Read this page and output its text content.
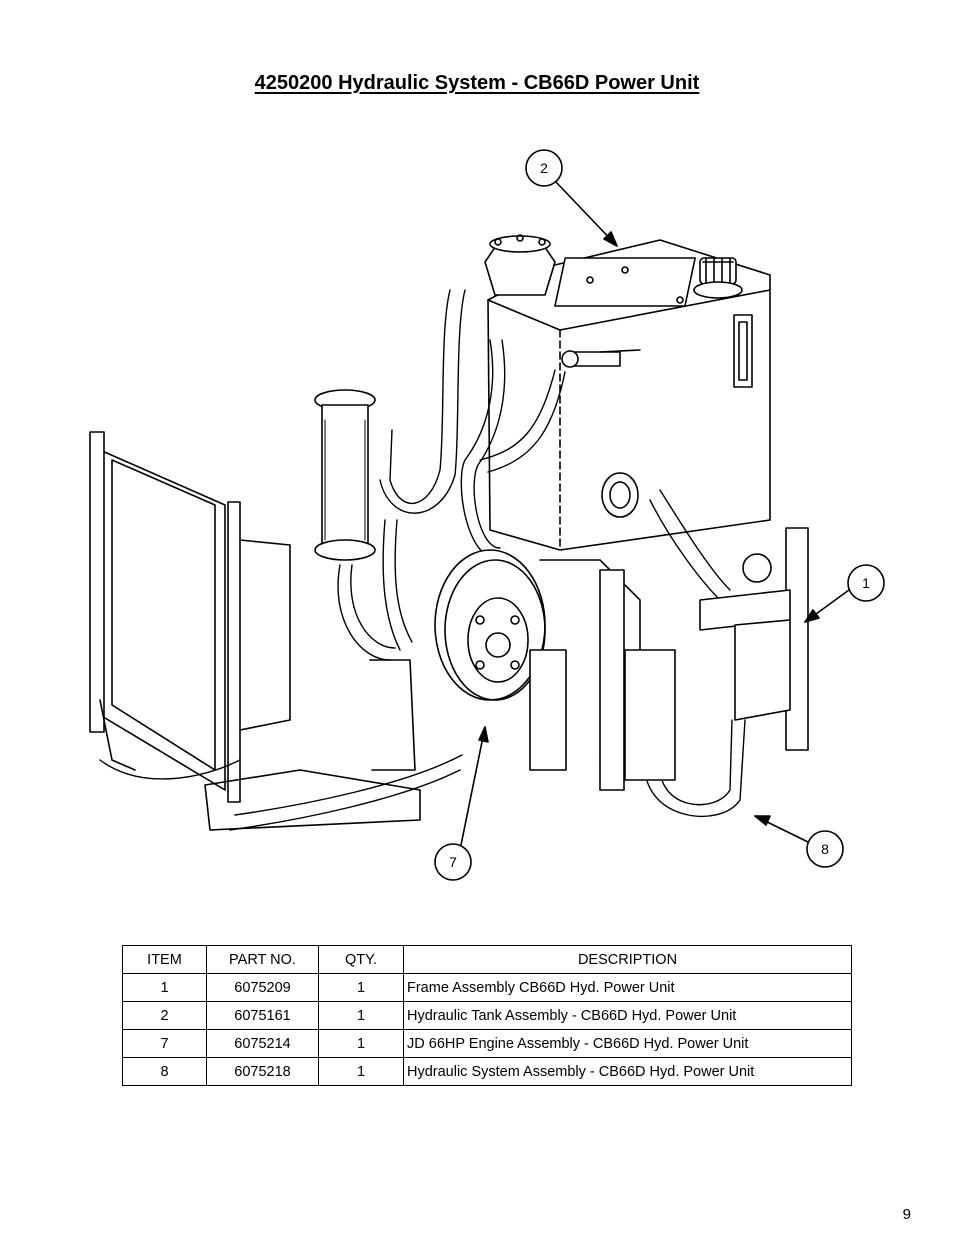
4250200 Hydraulic System - CB66D Power Unit
2
1
7
8
ITEM	PART NO.	QTY.	DESCRIPTION
1	6075209	1	Frame Assembly CB66D Hyd. Power Unit
2	6075161	1	Hydraulic Tank Assembly - CB66D Hyd. Power Unit
7	6075214	1	JD 66HP Engine Assembly - CB66D Hyd. Power Unit
8	6075218	1	Hydraulic System Assembly - CB66D Hyd. Power Unit
9
